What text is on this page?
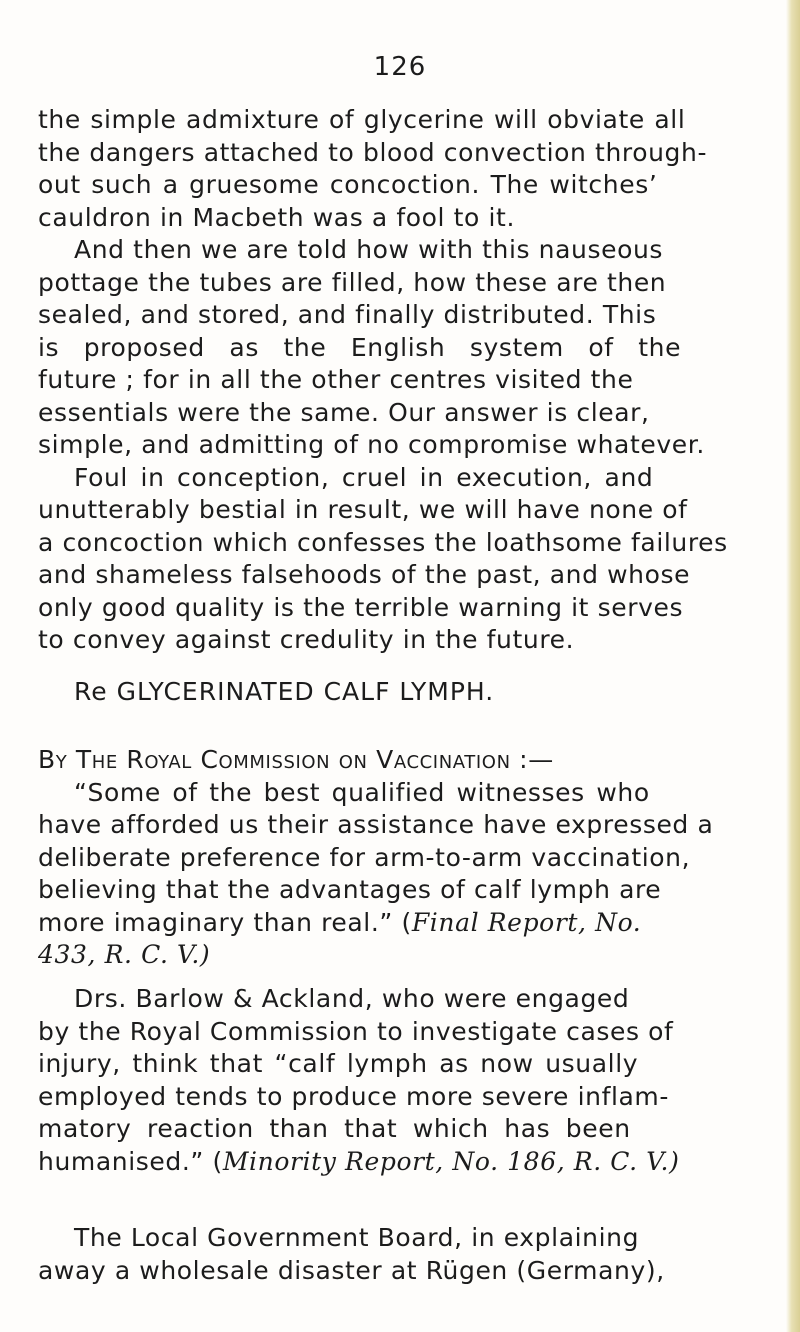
126
the simple admixture of glycerine will obviate all
the dangers attached to blood convection through-
out such a gruesome concoction. The witches’
cauldron in Macbeth was a fool to it.
And then we are told how with this nauseous
pottage the tubes are filled, how these are then
sealed, and stored, and finally distributed. This
is proposed as the English system of the
future ; for in all the other centres visited the
essentials were the same. Our answer is clear,
simple, and admitting of no compromise whatever.
Foul in conception, cruel in execution, and
unutterably bestial in result, we will have none of
a concoction which confesses the loathsome failures
and shameless falsehoods of the past, and whose
only good quality is the terrible warning it serves
to convey against credulity in the future.
Re GLYCERINATED CALF LYMPH.
By The Royal Commission on Vaccination :—
“Some of the best qualified witnesses who
have afforded us their assistance have expressed a
deliberate preference for arm-to-arm vaccination,
believing that the advantages of calf lymph are
more imaginary than real.” (Final Report, No.
433, R. C. V.)
Drs. Barlow & Ackland, who were engaged
by the Royal Commission to investigate cases of
injury, think that “calf lymph as now usually
employed tends to produce more severe inflam-
matory reaction than that which has been
humanised.” (Minority Report, No. 186, R. C. V.)
The Local Government Board, in explaining
away a wholesale disaster at Rügen (Germany),
